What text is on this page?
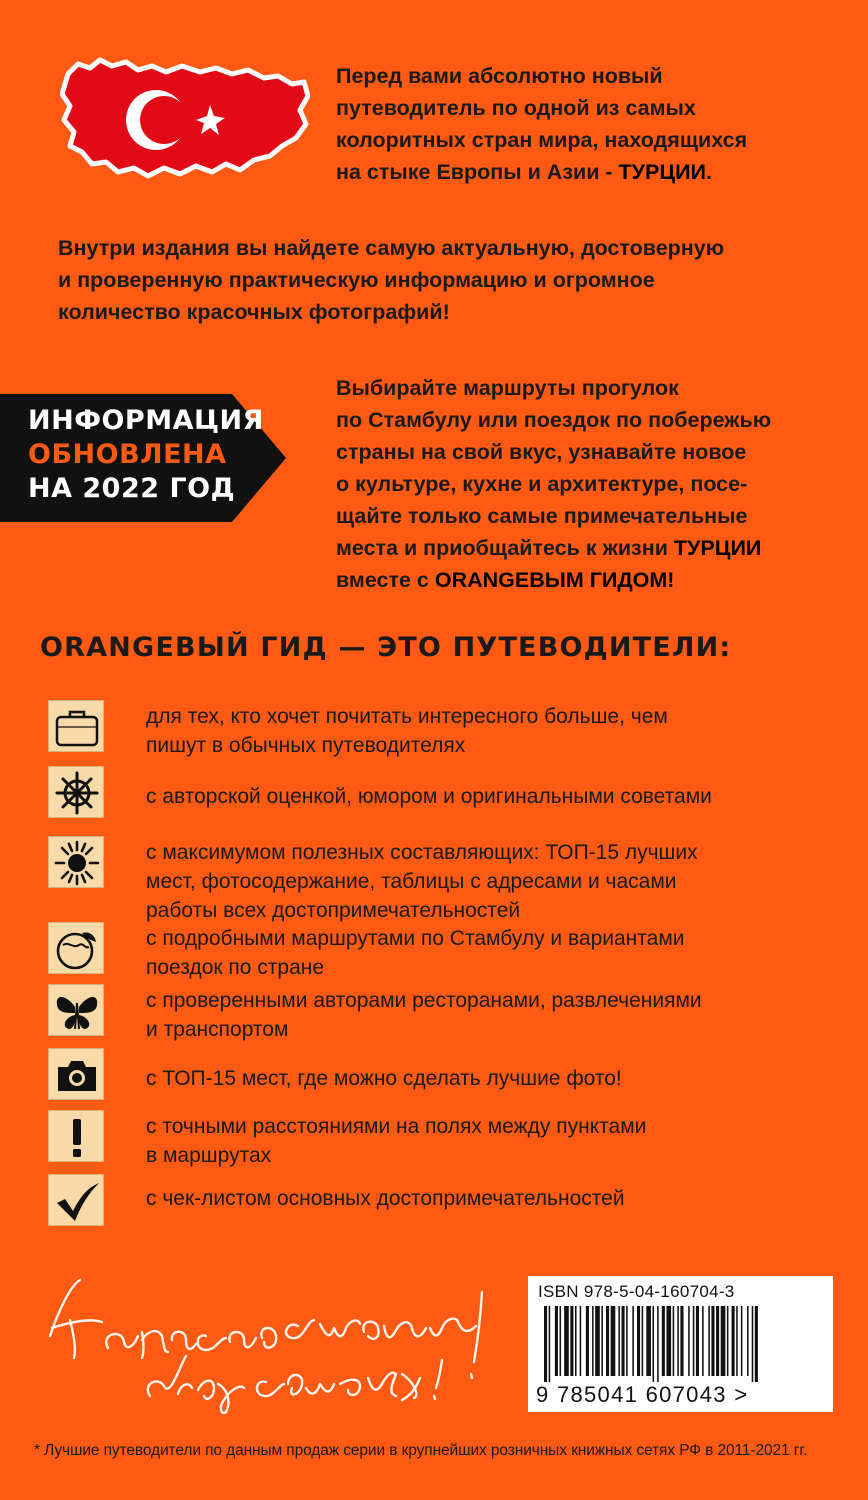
Перед вами абсолютно новый
путеводитель по одной из самых
колоритных стран мира, находящихся
на стыке Европы и Азии - ТУРЦИИ.
Внутри издания вы найдете самую актуальную, достоверную
и проверенную практическую информацию и огромное
количество красочных фотографий!
ИНФОРМАЦИЯ
ОБНОВЛЕНА
НА 2022 ГОД
Выбирайте маршруты прогулок
по Стамбулу или поездок по побережью
страны на свой вкус, узнавайте новое
о культуре, кухне и архитектуре, посе-
щайте только самые примечательные
места и приобщайтесь к жизни ТУРЦИИ
вместе с ORANGEВЫМ ГИДОМ!
ORANGEВЫЙ ГИД — ЭТО ПУТЕВОДИТЕЛИ:
для тех, кто хочет почитать интересного больше, чем
пишут в обычных путеводителях
с авторской оценкой, юмором и оригинальными советами
с максимумом полезных составляющих: ТОП-15 лучших
мест, фотосодержание, таблицы с адресами и часами
работы всех достопримечательностей
с подробными маршрутами по Стамбулу и вариантами
поездок по стране
с проверенными авторами ресторанами, развлечениями
и транспортом
с ТОП-15 мест, где можно сделать лучшие фото!
с точными расстояниями на полях между пунктами
в маршрутах
с чек-листом основных достопримечательностей
Написано своими
ISBN 978-5-04-160704-3
9 785041 607043 >
* Лучшие путеводители по данным продаж серии в крупнейших розничных книжных сетях РФ в 2011-2021 гг.
